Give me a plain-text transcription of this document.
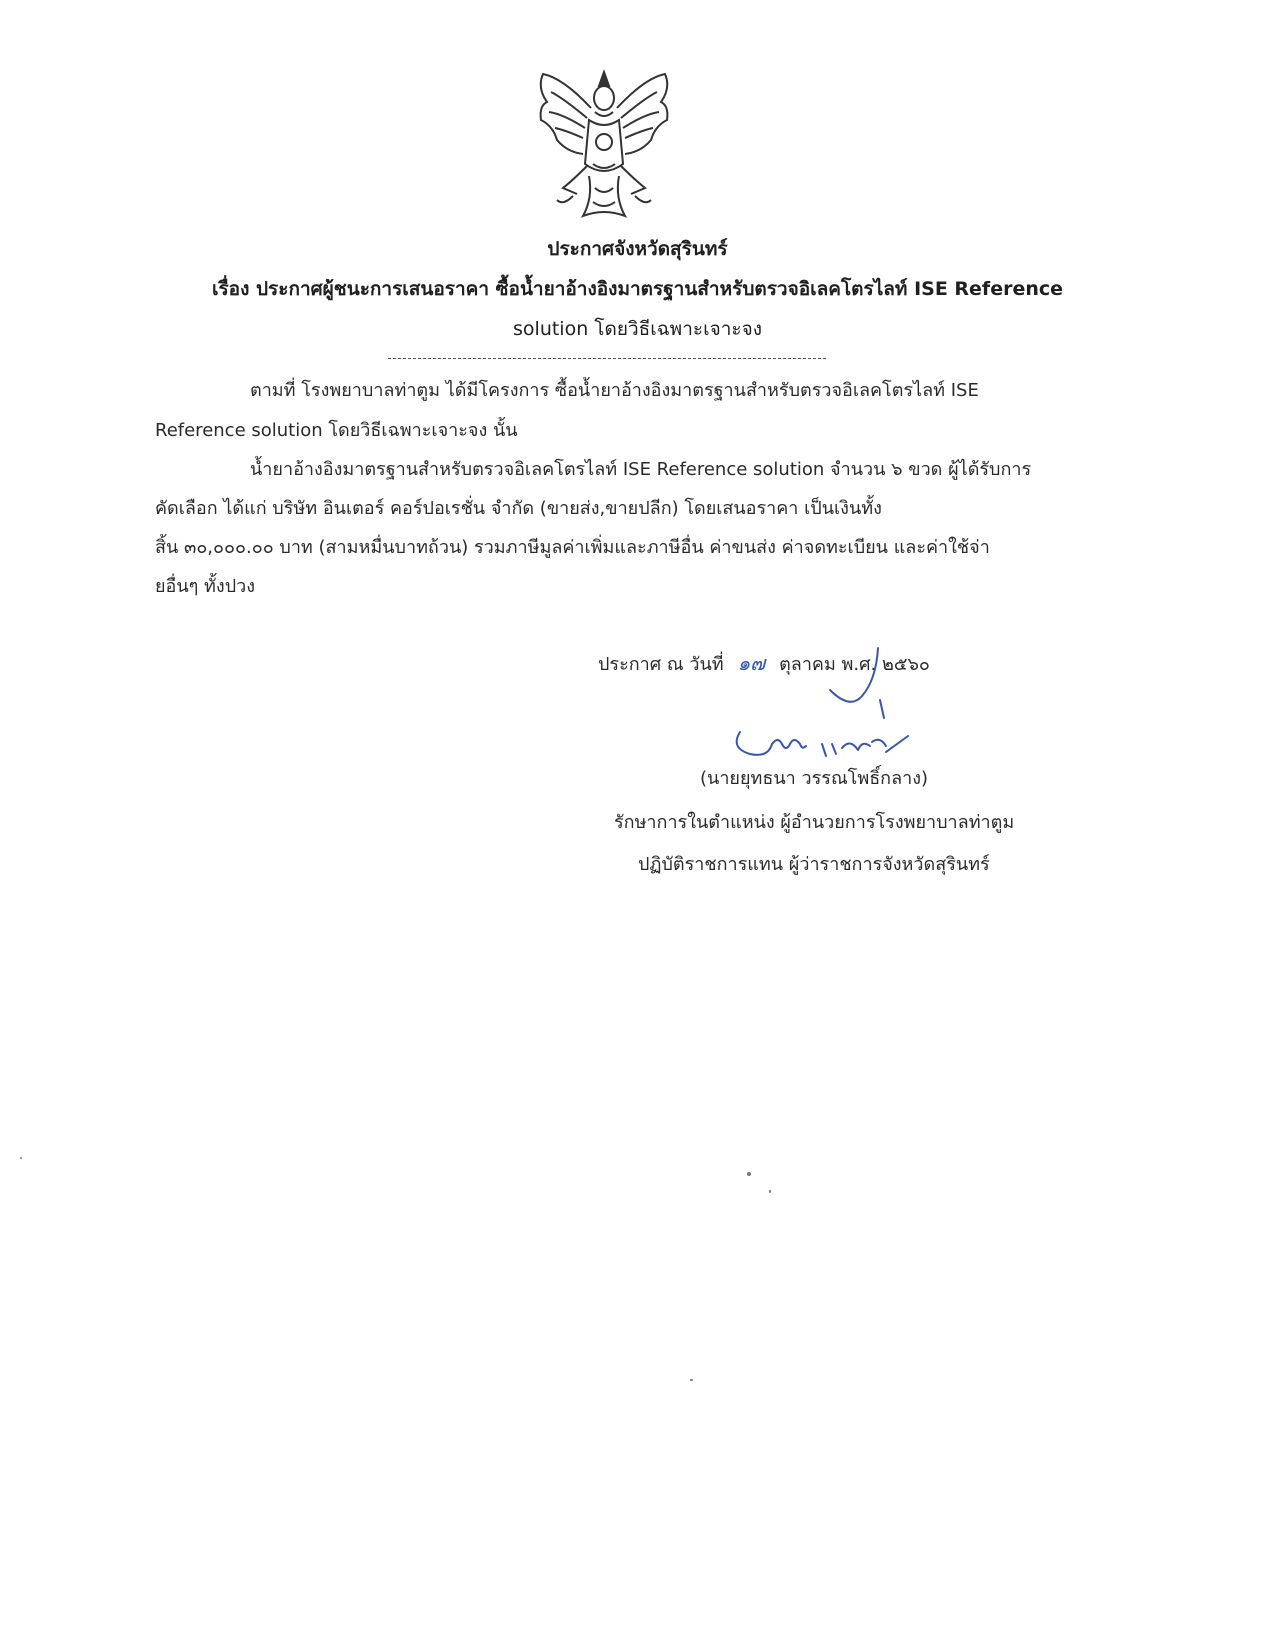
ประกาศจังหวัดสุรินทร์
เรื่อง ประกาศผู้ชนะการเสนอราคา ซื้อน้ำยาอ้างอิงมาตรฐานสำหรับตรวจอิเลคโตรไลท์ ISE Reference
solution โดยวิธีเฉพาะเจาะจง
ตามที่ โรงพยาบาลท่าตูม ได้มีโครงการ ซื้อน้ำยาอ้างอิงมาตรฐานสำหรับตรวจอิเลคโตรไลท์ ISE
Reference solution โดยวิธีเฉพาะเจาะจง นั้น
น้ำยาอ้างอิงมาตรฐานสำหรับตรวจอิเลคโตรไลท์ ISE Reference solution จำนวน ๖ ขวด ผู้ได้รับการ
คัดเลือก ได้แก่ บริษัท อินเตอร์ คอร์ปอเรชั่น จำกัด (ขายส่ง,ขายปลีก) โดยเสนอราคา เป็นเงินทั้ง
สิ้น ๓๐,๐๐๐.๐๐ บาท (สามหมื่นบาทถ้วน) รวมภาษีมูลค่าเพิ่มและภาษีอื่น ค่าขนส่ง ค่าจดทะเบียน และค่าใช้จ่า
ยอื่นๆ ทั้งปวง
ประกาศ ณ วันที่ ๑๗ ตุลาคม พ.ศ. ๒๕๖๐
(นายยุทธนา วรรณโพธิ์กลาง)
รักษาการในตำแหน่ง ผู้อำนวยการโรงพยาบาลท่าตูม
ปฏิบัติราชการแทน ผู้ว่าราชการจังหวัดสุรินทร์
